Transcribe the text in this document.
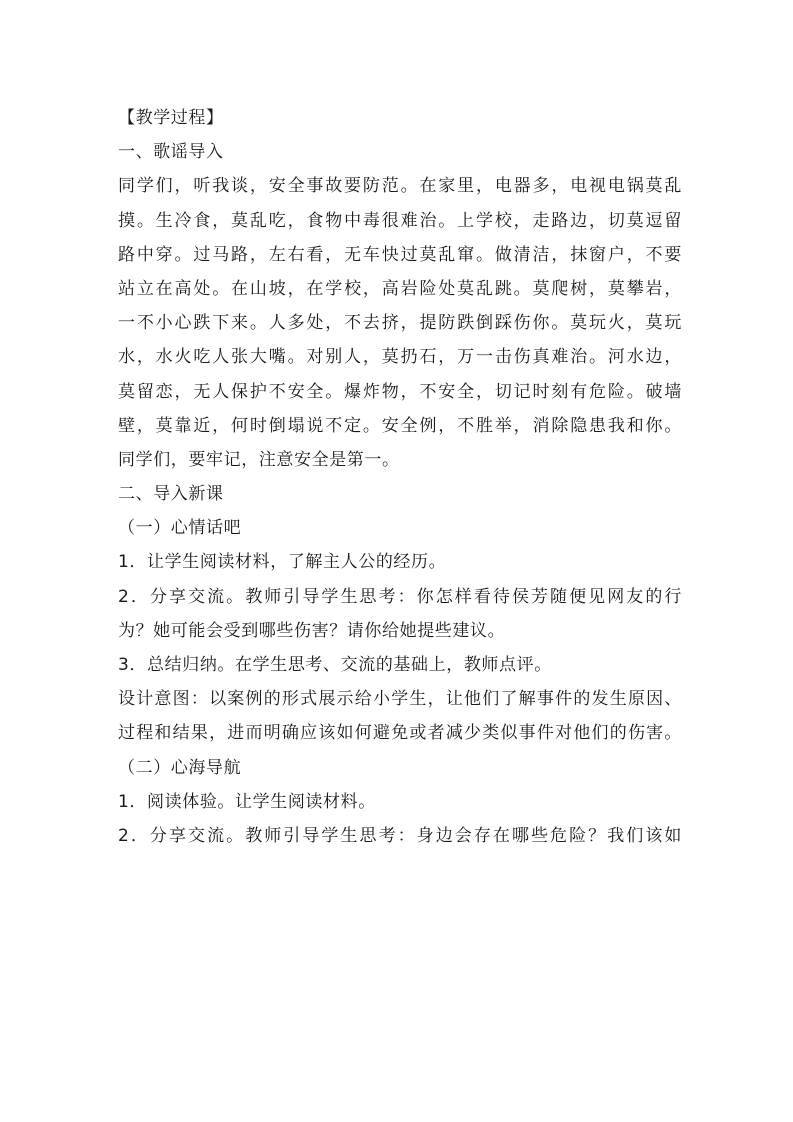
【教学过程】
一、歌谣导入
同学们，听我谈，安全事故要防范。在家里，电器多，电视电锅莫乱
摸。生冷食，莫乱吃，食物中毒很难治。上学校，走路边，切莫逗留
路中穿。过马路，左右看，无车快过莫乱窜。做清洁，抹窗户，不要
站立在高处。在山坡，在学校，高岩险处莫乱跳。莫爬树，莫攀岩，
一不小心跌下来。人多处，不去挤，提防跌倒踩伤你。莫玩火，莫玩
水，水火吃人张大嘴。对别人，莫扔石，万一击伤真难治。河水边，
莫留恋，无人保护不安全。爆炸物，不安全，切记时刻有危险。破墙
壁，莫靠近，何时倒塌说不定。安全例，不胜举，消除隐患我和你。
同学们，要牢记，注意安全是第一。
二、导入新课
（一）心情话吧
1．让学生阅读材料，了解主人公的经历。
2．分享交流。教师引导学生思考：你怎样看待侯芳随便见网友的行
为？她可能会受到哪些伤害？请你给她提些建议。
3．总结归纳。在学生思考、交流的基础上，教师点评。
设计意图：以案例的形式展示给小学生，让他们了解事件的发生原因、
过程和结果，进而明确应该如何避免或者减少类似事件对他们的伤害。
（二）心海导航
1．阅读体验。让学生阅读材料。
2．分享交流。教师引导学生思考：身边会存在哪些危险？我们该如
